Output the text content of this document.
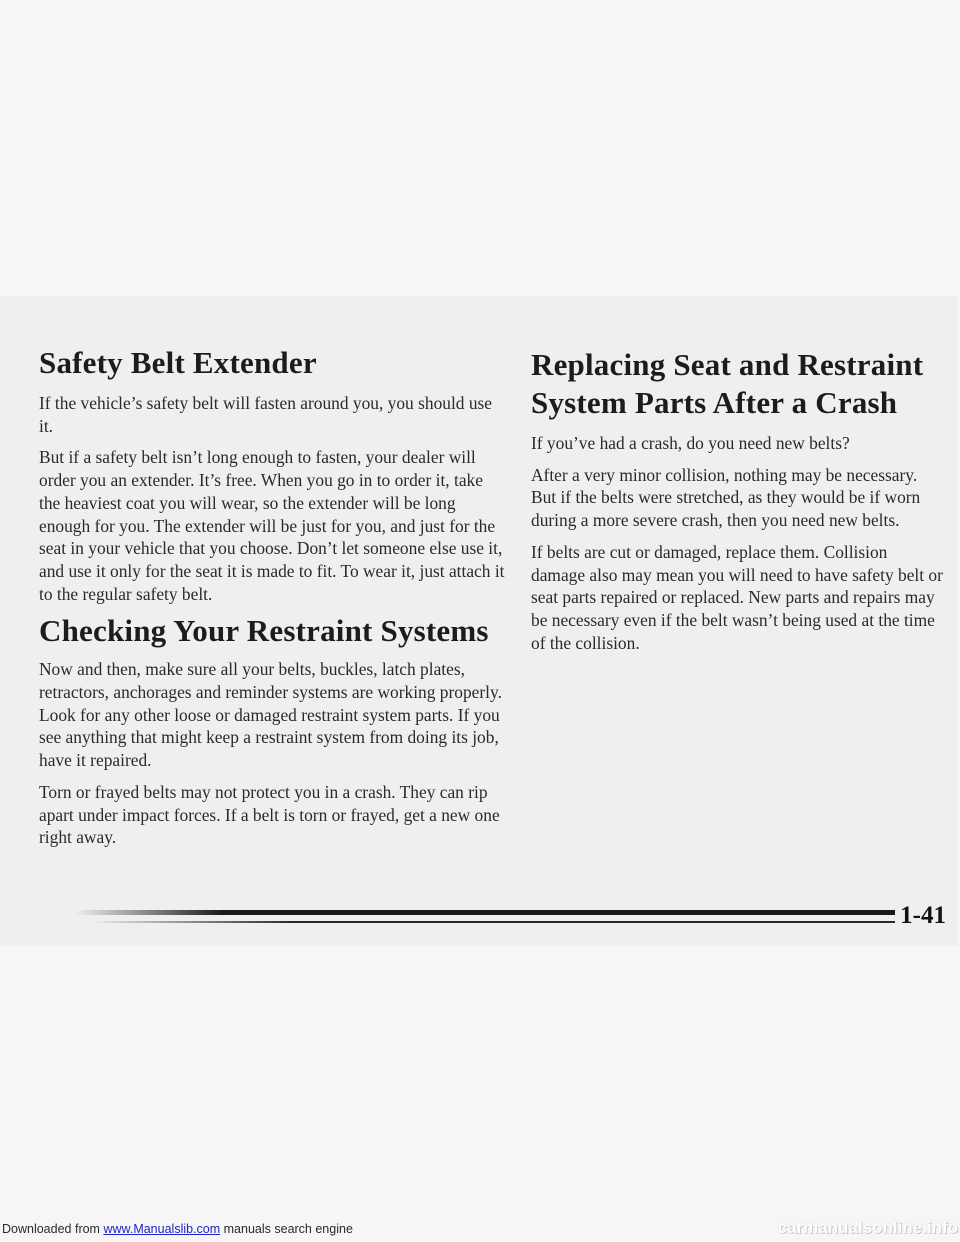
Safety Belt Extender

If the vehicle’s safety belt will fasten around you, you should use it.

But if a safety belt isn’t long enough to fasten, your dealer will order you an extender. It’s free. When you go in to order it, take the heaviest coat you will wear, so the extender will be long enough for you. The extender will be just for you, and just for the seat in your vehicle that you choose. Don’t let someone else use it, and use it only for the seat it is made to fit. To wear it, just attach it to the regular safety belt.

Checking Your Restraint Systems

Now and then, make sure all your belts, buckles, latch plates, retractors, anchorages and reminder systems are working properly. Look for any other loose or damaged restraint system parts. If you see anything that might keep a restraint system from doing its job, have it repaired.

Torn or frayed belts may not protect you in a crash. They can rip apart under impact forces. If a belt is torn or frayed, get a new one right away.

Replacing Seat and Restraint System Parts After a Crash

If you’ve had a crash, do you need new belts?

After a very minor collision, nothing may be necessary. But if the belts were stretched, as they would be if worn during a more severe crash, then you need new belts.

If belts are cut or damaged, replace them. Collision damage also may mean you will need to have safety belt or seat parts repaired or replaced. New parts and repairs may be necessary even if the belt wasn’t being used at the time of the collision.

1-41
Downloaded from www.Manualslib.com manuals search engine	carmanualsonline.info
